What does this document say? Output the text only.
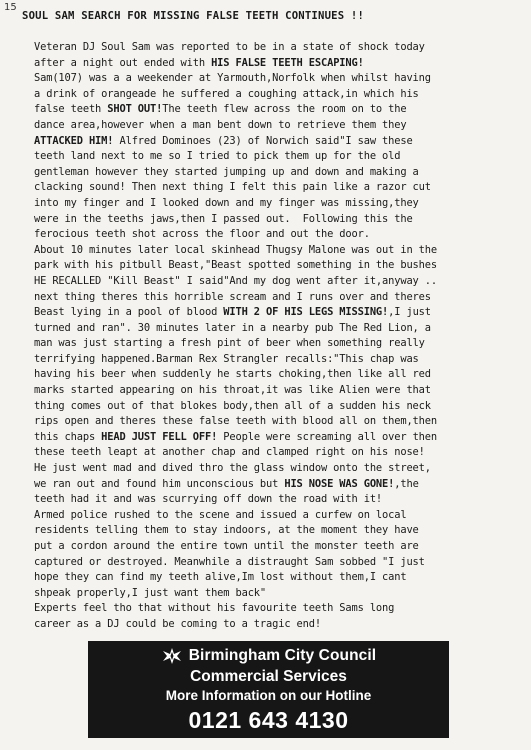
15
SOUL SAM SEARCH FOR MISSING FALSE TEETH CONTINUES !!
Veteran DJ Soul Sam was reported to be in a state of shock today
after a night out ended with HIS FALSE TEETH ESCAPING!
Sam(107) was a a weekender at Yarmouth,Norfolk when whilst having
a drink of orangeade he suffered a coughing attack,in which his
false teeth SHOT OUT!The teeth flew across the room on to the
dance area,however when a man bent down to retrieve them they
ATTACKED HIM! Alfred Dominoes (23) of Norwich said"I saw these
teeth land next to me so I tried to pick them up for the old
gentleman however they started jumping up and down and making a
clacking sound! Then next thing I felt this pain like a razor cut
into my finger and I looked down and my finger was missing,they
were in the teeths jaws,then I passed out.  Following this the
ferocious teeth shot across the floor and out the door.
About 10 minutes later local skinhead Thugsy Malone was out in the
park with his pitbull Beast,"Beast spotted something in the bushes
HE RECALLED "Kill Beast" I said"And my dog went after it,anyway ..
next thing theres this horrible scream and I runs over and theres
Beast lying in a pool of blood WITH 2 OF HIS LEGS MISSING!,I just
turned and ran". 30 minutes later in a nearby pub The Red Lion, a
man was just starting a fresh pint of beer when something really
terrifying happened.Barman Rex Strangler recalls:"This chap was
having his beer when suddenly he starts choking,then like all red
marks started appearing on his throat,it was like Alien were that
thing comes out of that blokes body,then all of a sudden his neck
rips open and theres these false teeth with blood all on them,then
this chaps HEAD JUST FELL OFF! People were screaming all over then
these teeth leapt at another chap and clamped right on his nose!
He just went mad and dived thro the glass window onto the street,
we ran out and found him unconscious but HIS NOSE WAS GONE!,the
teeth had it and was scurrying off down the road with it!
Armed police rushed to the scene and issued a curfew on local
residents telling them to stay indoors, at the moment they have
put a cordon around the entire town until the monster teeth are
captured or destroyed. Meanwhile a distraught Sam sobbed "I just
hope they can find my teeth alive,Im lost without them,I cant
shpeak properly,I just want them back"
Experts feel tho that without his favourite teeth Sams long
career as a DJ could be coming to a tragic end!
Birmingham City Council
Commercial Services
More Information on our Hotline
0121 643 4130
